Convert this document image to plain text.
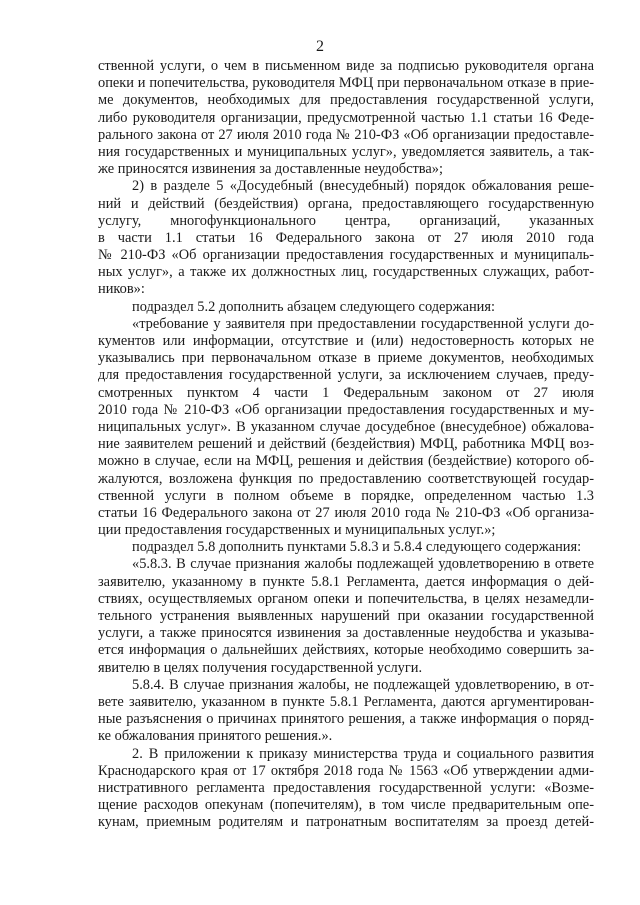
2
ственной услуги, о чем в письменном виде за подписью руководителя органа
опеки и попечительства, руководителя МФЦ при первоначальном отказе в прие-
ме документов, необходимых для предоставления государственной услуги,
либо руководителя организации, предусмотренной частью 1.1 статьи 16 Феде-
рального закона от 27 июля 2010 года № 210-ФЗ «Об организации предоставле-
ния государственных и муниципальных услуг», уведомляется заявитель, а так-
же приносятся извинения за доставленные неудобства»;
2) в разделе 5 «Досудебный (внесудебный) порядок обжалования реше-
ний и действий (бездействия) органа, предоставляющего государственную
услугу, многофункционального центра, организаций, указанных
в части 1.1 статьи 16 Федерального закона от 27 июля 2010 года
№ 210-ФЗ «Об организации предоставления государственных и муниципаль-
ных услуг», а также их должностных лиц, государственных служащих, работ-
ников»:
подраздел 5.2 дополнить абзацем следующего содержания:
«требование у заявителя при предоставлении государственной услуги до-
кументов или информации, отсутствие и (или) недостоверность которых не
указывались при первоначальном отказе в приеме документов, необходимых
для предоставления государственной услуги, за исключением случаев, преду-
смотренных пунктом 4 части 1 Федеральным законом от 27 июля
2010 года № 210-ФЗ «Об организации предоставления государственных и му-
ниципальных услуг». В указанном случае досудебное (внесудебное) обжалова-
ние заявителем решений и действий (бездействия) МФЦ, работника МФЦ воз-
можно в случае, если на МФЦ, решения и действия (бездействие) которого об-
жалуются, возложена функция по предоставлению соответствующей государ-
ственной услуги в полном объеме в порядке, определенном частью 1.3
статьи 16 Федерального закона от 27 июля 2010 года № 210-ФЗ «Об организа-
ции предоставления государственных и муниципальных услуг.»;
подраздел 5.8 дополнить пунктами 5.8.3 и 5.8.4 следующего содержания:
«5.8.3. В случае признания жалобы подлежащей удовлетворению в ответе
заявителю, указанному в пункте 5.8.1 Регламента, дается информация о дей-
ствиях, осуществляемых органом опеки и попечительства, в целях незамедли-
тельного устранения выявленных нарушений при оказании государственной
услуги, а также приносятся извинения за доставленные неудобства и указыва-
ется информация о дальнейших действиях, которые необходимо совершить за-
явителю в целях получения государственной услуги.
5.8.4. В случае признания жалобы, не подлежащей удовлетворению, в от-
вете заявителю, указанном в пункте 5.8.1 Регламента, даются аргументирован-
ные разъяснения о причинах принятого решения, а также информация о поряд-
ке обжалования принятого решения.».
2. В приложении к приказу министерства труда и социального развития
Краснодарского края от 17 октября 2018 года № 1563 «Об утверждении адми-
нистративного регламента предоставления государственной услуги: «Возме-
щение расходов опекунам (попечителям), в том числе предварительным опе-
кунам, приемным родителям и патронатным воспитателям за проезд детей-
